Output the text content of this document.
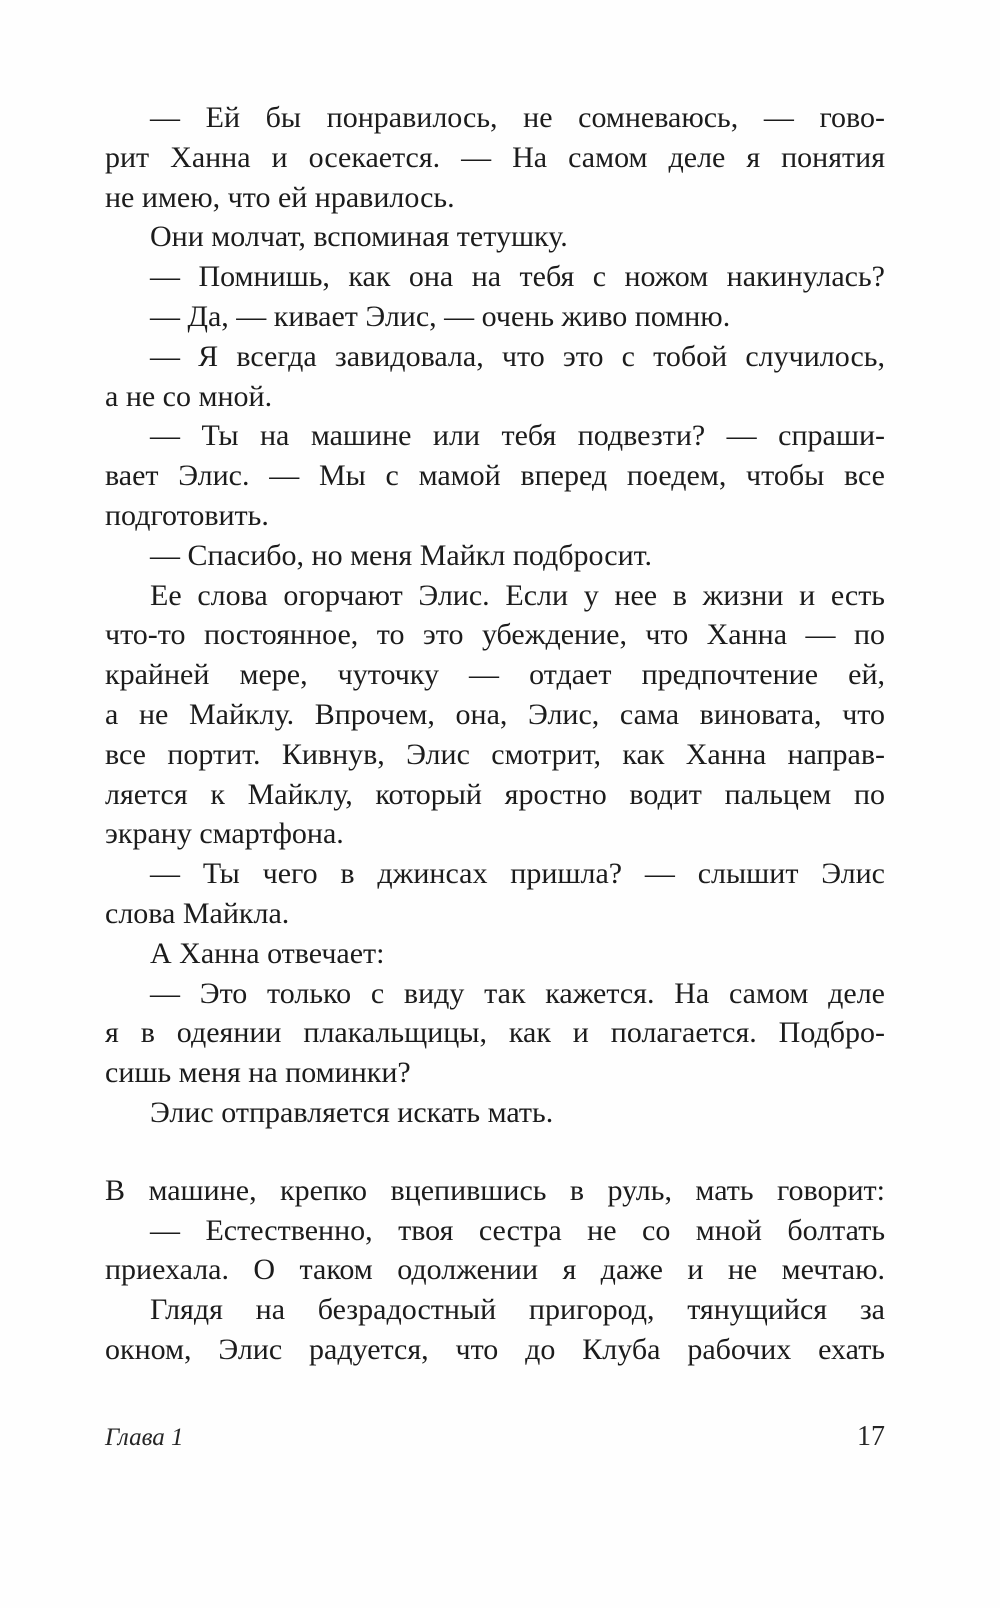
— Ей бы понравилось, не сомневаюсь, — гово-
рит Ханна и осекается. — На самом деле я понятия
не имею, что ей нравилось.
Они молчат, вспоминая тетушку.
— Помнишь, как она на тебя с ножом накинулась?
— Да, — кивает Элис, — очень живо помню.
— Я всегда завидовала, что это с тобой случилось,
а не со мной.
— Ты на машине или тебя подвезти? — спраши-
вает Элис. — Мы с мамой вперед поедем, чтобы все
подготовить.
— Спасибо, но меня Майкл подбросит.
Ее слова огорчают Элис. Если у нее в жизни и есть
что-то постоянное, то это убеждение, что Ханна — по
крайней мере, чуточку — отдает предпочтение ей,
а не Майклу. Впрочем, она, Элис, сама виновата, что
все портит. Кивнув, Элис смотрит, как Ханна направ-
ляется к Майклу, который яростно водит пальцем по
экрану смартфона.
— Ты чего в джинсах пришла? — слышит Элис
слова Майкла.
А Ханна отвечает:
— Это только с виду так кажется. На самом деле
я в одеянии плакальщицы, как и полагается. Подбро-
сишь меня на поминки?
Элис отправляется искать мать.
В машине, крепко вцепившись в руль, мать говорит:
— Естественно, твоя сестра не со мной болтать
приехала. О таком одолжении я даже и не мечтаю.
Глядя на безрадостный пригород, тянущийся за
окном, Элис радуется, что до Клуба рабочих ехать
Глава 1	17
